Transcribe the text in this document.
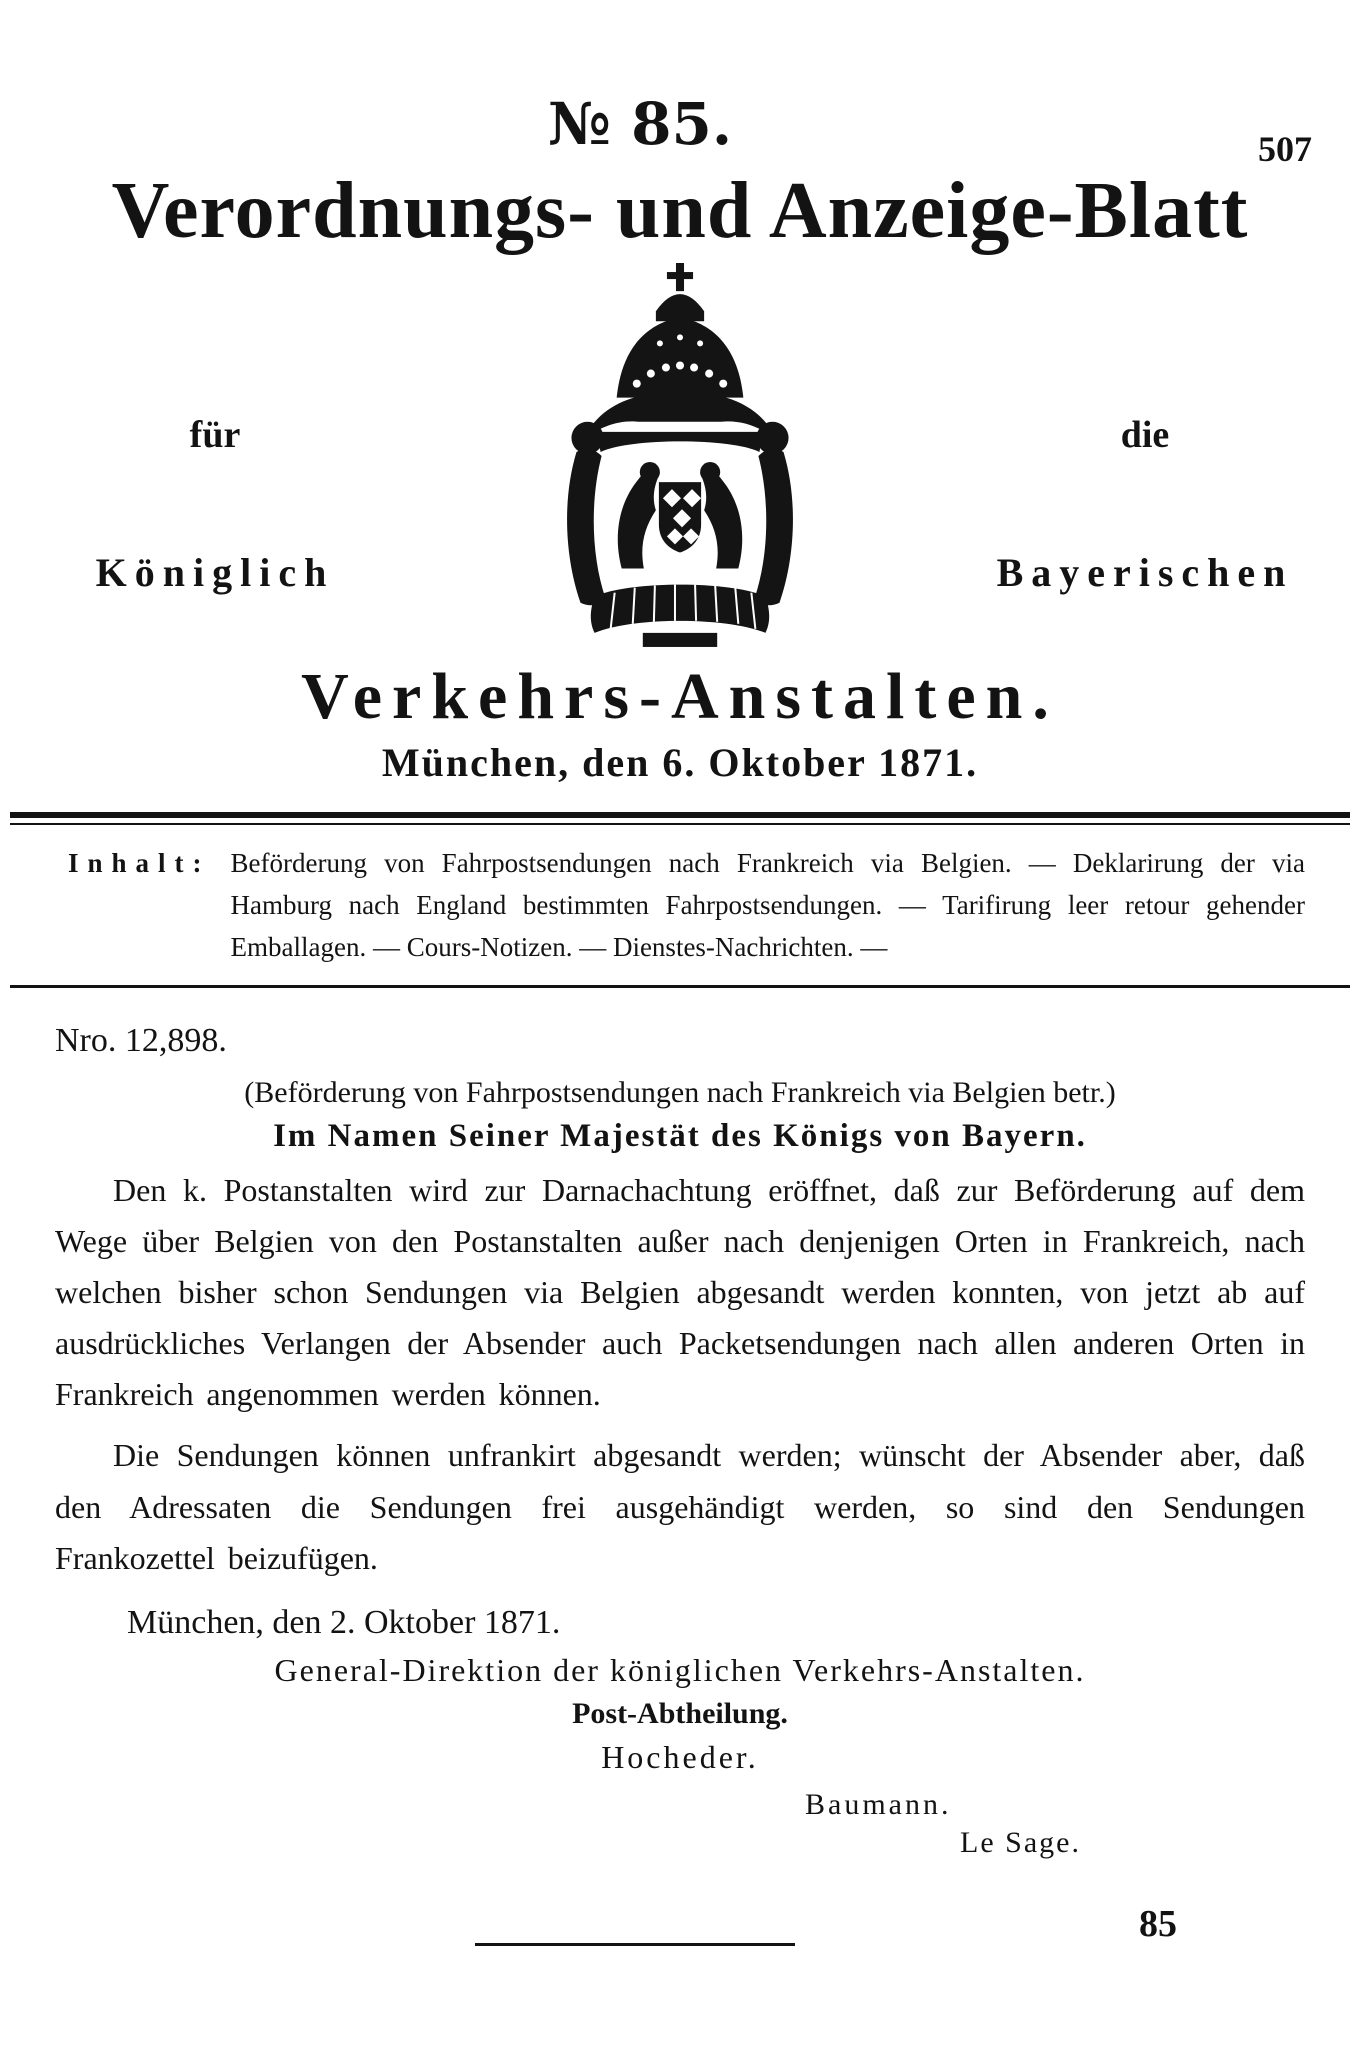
507
№ 85.
Verordnungs- und Anzeige-Blatt
für
Königlich
die
Bayerischen
Verkehrs-Anstalten.
München, den 6. Oktober 1871.
Inhalt: Beförderung von Fahrpostsendungen nach Frankreich via Belgien. — Deklarirung der via Hamburg nach England bestimmten Fahrpostsendungen. — Tarifirung leer retour gehender Emballagen. — Cours-Notizen. — Dienstes-Nachrichten. —
Nro. 12,898.
(Beförderung von Fahrpostsendungen nach Frankreich via Belgien betr.)
Im Namen Seiner Majestät des Königs von Bayern.

Den k. Postanstalten wird zur Darnachachtung eröffnet, daß zur Beförderung auf dem Wege über Belgien von den Postanstalten außer nach denjenigen Orten in Frankreich, nach welchen bisher schon Sendungen via Belgien abgesandt werden konnten, von jetzt ab auf ausdrückliches Verlangen der Absender auch Packetsendungen nach allen anderen Orten in Frankreich angenommen werden können.

Die Sendungen können unfrankirt abgesandt werden; wünscht der Absender aber, daß den Adressaten die Sendungen frei ausgehändigt werden, so sind den Sendungen Frankozettel beizufügen.

München, den 2. Oktober 1871.
General-Direktion der königlichen Verkehrs-Anstalten.
Post-Abtheilung.
Hocheder.
Baumann.
Le Sage.
85
